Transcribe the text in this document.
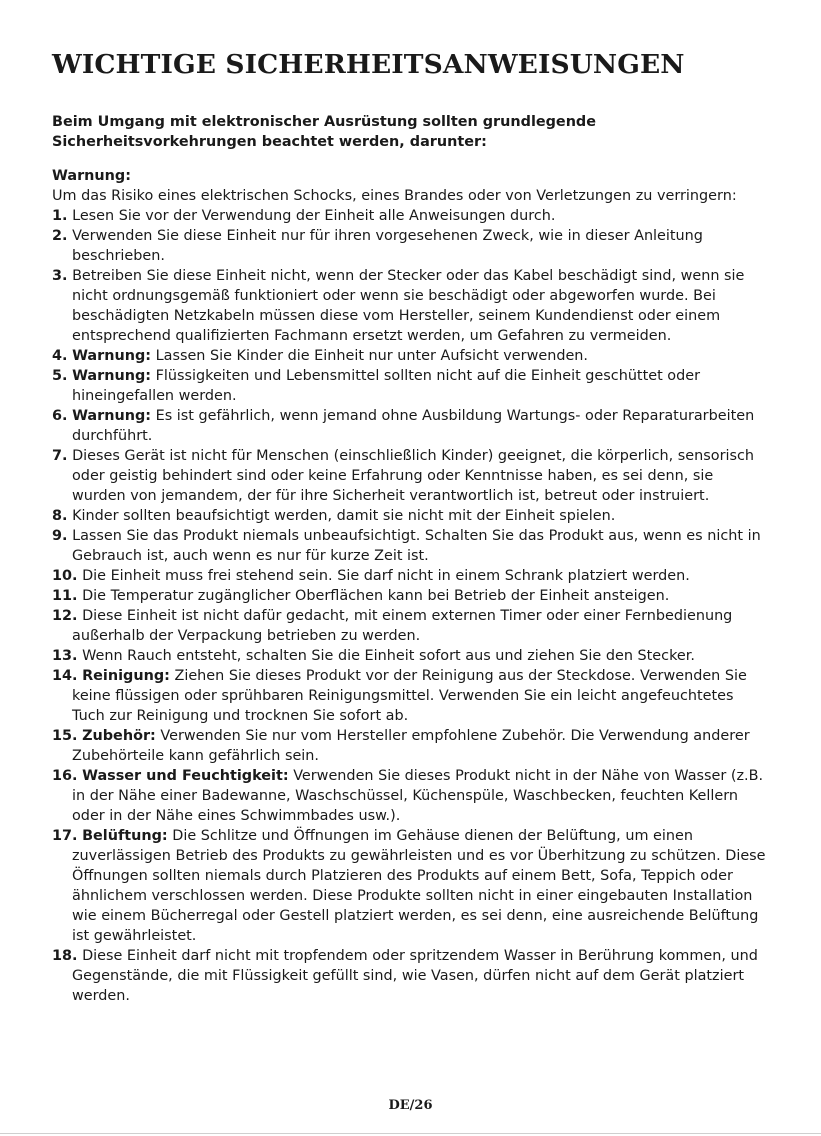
WICHTIGE SICHERHEITSANWEISUNGEN
Beim Umgang mit elektronischer Ausrüstung sollten grundlegende Sicherheitsvorkehrungen beachtet werden, darunter:
Warnung:
Um das Risiko eines elektrischen Schocks, eines Brandes oder von Verletzungen zu verringern:
1. Lesen Sie vor der Verwendung der Einheit alle Anweisungen durch.
2. Verwenden Sie diese Einheit nur für ihren vorgesehenen Zweck, wie in dieser Anleitung beschrieben.
3. Betreiben Sie diese Einheit nicht, wenn der Stecker oder das Kabel beschädigt sind, wenn sie nicht ordnungsgemäß funktioniert oder wenn sie beschädigt oder abgeworfen wurde. Bei beschädigten Netzkabeln müssen diese vom Hersteller, seinem Kundendienst oder einem entsprechend qualifizierten Fachmann ersetzt werden, um Gefahren zu vermeiden.
4. Warnung: Lassen Sie Kinder die Einheit nur unter Aufsicht verwenden.
5. Warnung: Flüssigkeiten und Lebensmittel sollten nicht auf die Einheit geschüttet oder hineingefallen werden.
6. Warnung: Es ist gefährlich, wenn jemand ohne Ausbildung Wartungs- oder Reparaturarbeiten durchführt.
7. Dieses Gerät ist nicht für Menschen (einschließlich Kinder) geeignet, die körperlich, sensorisch oder geistig behindert sind oder keine Erfahrung oder Kenntnisse haben, es sei denn, sie wurden von jemandem, der für ihre Sicherheit verantwortlich ist, betreut oder instruiert.
8. Kinder sollten beaufsichtigt werden, damit sie nicht mit der Einheit spielen.
9. Lassen Sie das Produkt niemals unbeaufsichtigt. Schalten Sie das Produkt aus, wenn es nicht in Gebrauch ist, auch wenn es nur für kurze Zeit ist.
10. Die Einheit muss frei stehend sein. Sie darf nicht in einem Schrank platziert werden.
11. Die Temperatur zugänglicher Oberflächen kann bei Betrieb der Einheit ansteigen.
12. Diese Einheit ist nicht dafür gedacht, mit einem externen Timer oder einer Fernbedienung außerhalb der Verpackung betrieben zu werden.
13. Wenn Rauch entsteht, schalten Sie die Einheit sofort aus und ziehen Sie den Stecker.
14. Reinigung: Ziehen Sie dieses Produkt vor der Reinigung aus der Steckdose. Verwenden Sie keine flüssigen oder sprühbaren Reinigungsmittel. Verwenden Sie ein leicht angefeuchtetes Tuch zur Reinigung und trocknen Sie sofort ab.
15. Zubehör: Verwenden Sie nur vom Hersteller empfohlene Zubehör. Die Verwendung anderer Zubehörteile kann gefährlich sein.
16. Wasser und Feuchtigkeit: Verwenden Sie dieses Produkt nicht in der Nähe von Wasser (z.B. in der Nähe einer Badewanne, Waschschüssel, Küchenspüle, Waschbecken, feuchten Kellern oder in der Nähe eines Schwimmbades usw.).
17. Belüftung: Die Schlitze und Öffnungen im Gehäuse dienen der Belüftung, um einen zuverlässigen Betrieb des Produkts zu gewährleisten und es vor Überhitzung zu schützen. Diese Öffnungen sollten niemals durch Platzieren des Produkts auf einem Bett, Sofa, Teppich oder ähnlichem verschlossen werden. Diese Produkte sollten nicht in einer eingebauten Installation wie einem Bücherregal oder Gestell platziert werden, es sei denn, eine ausreichende Belüftung ist gewährleistet.
18. Diese Einheit darf nicht mit tropfendem oder spritzendem Wasser in Berührung kommen, und Gegenstände, die mit Flüssigkeit gefüllt sind, wie Vasen, dürfen nicht auf dem Gerät platziert werden.
DE/26
